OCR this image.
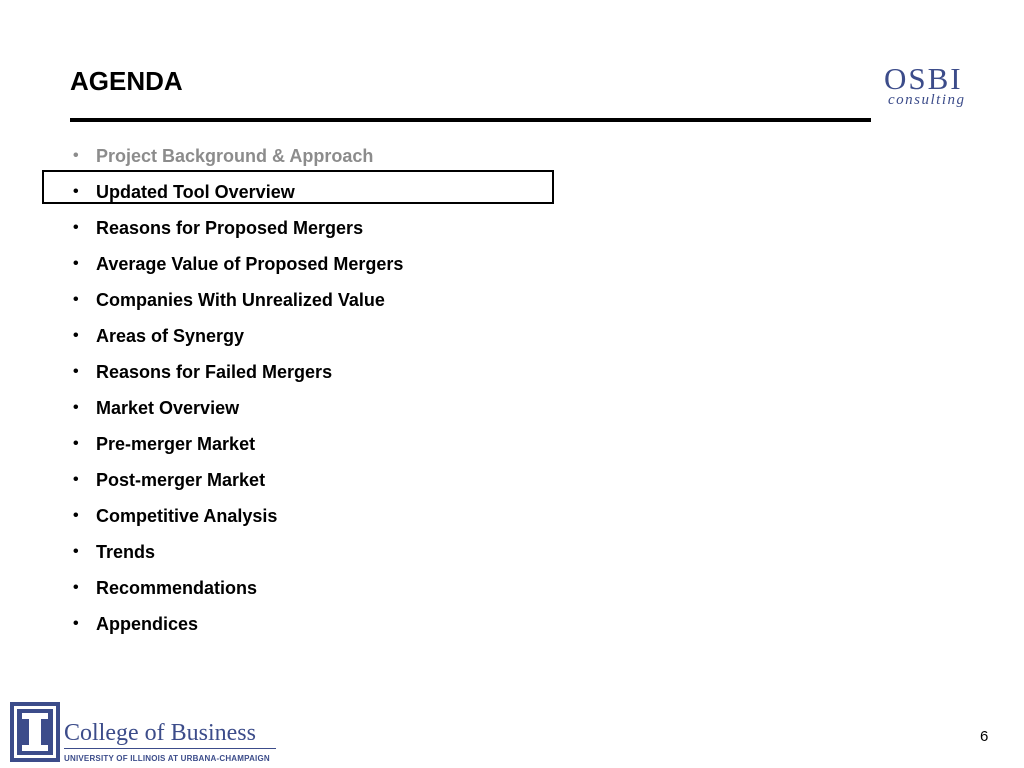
AGENDA	OSBI
consulting
• Project Background & Approach
• Updated Tool Overview
• Reasons for Proposed Mergers
• Average Value of Proposed Mergers
• Companies With Unrealized Value
• Areas of Synergy
• Reasons for Failed Mergers
• Market Overview
• Pre-merger Market
• Post-merger Market
• Competitive Analysis
• Trends
• Recommendations
• Appendices
College of Business
UNIVERSITY OF ILLINOIS AT URBANA-CHAMPAIGN
6
